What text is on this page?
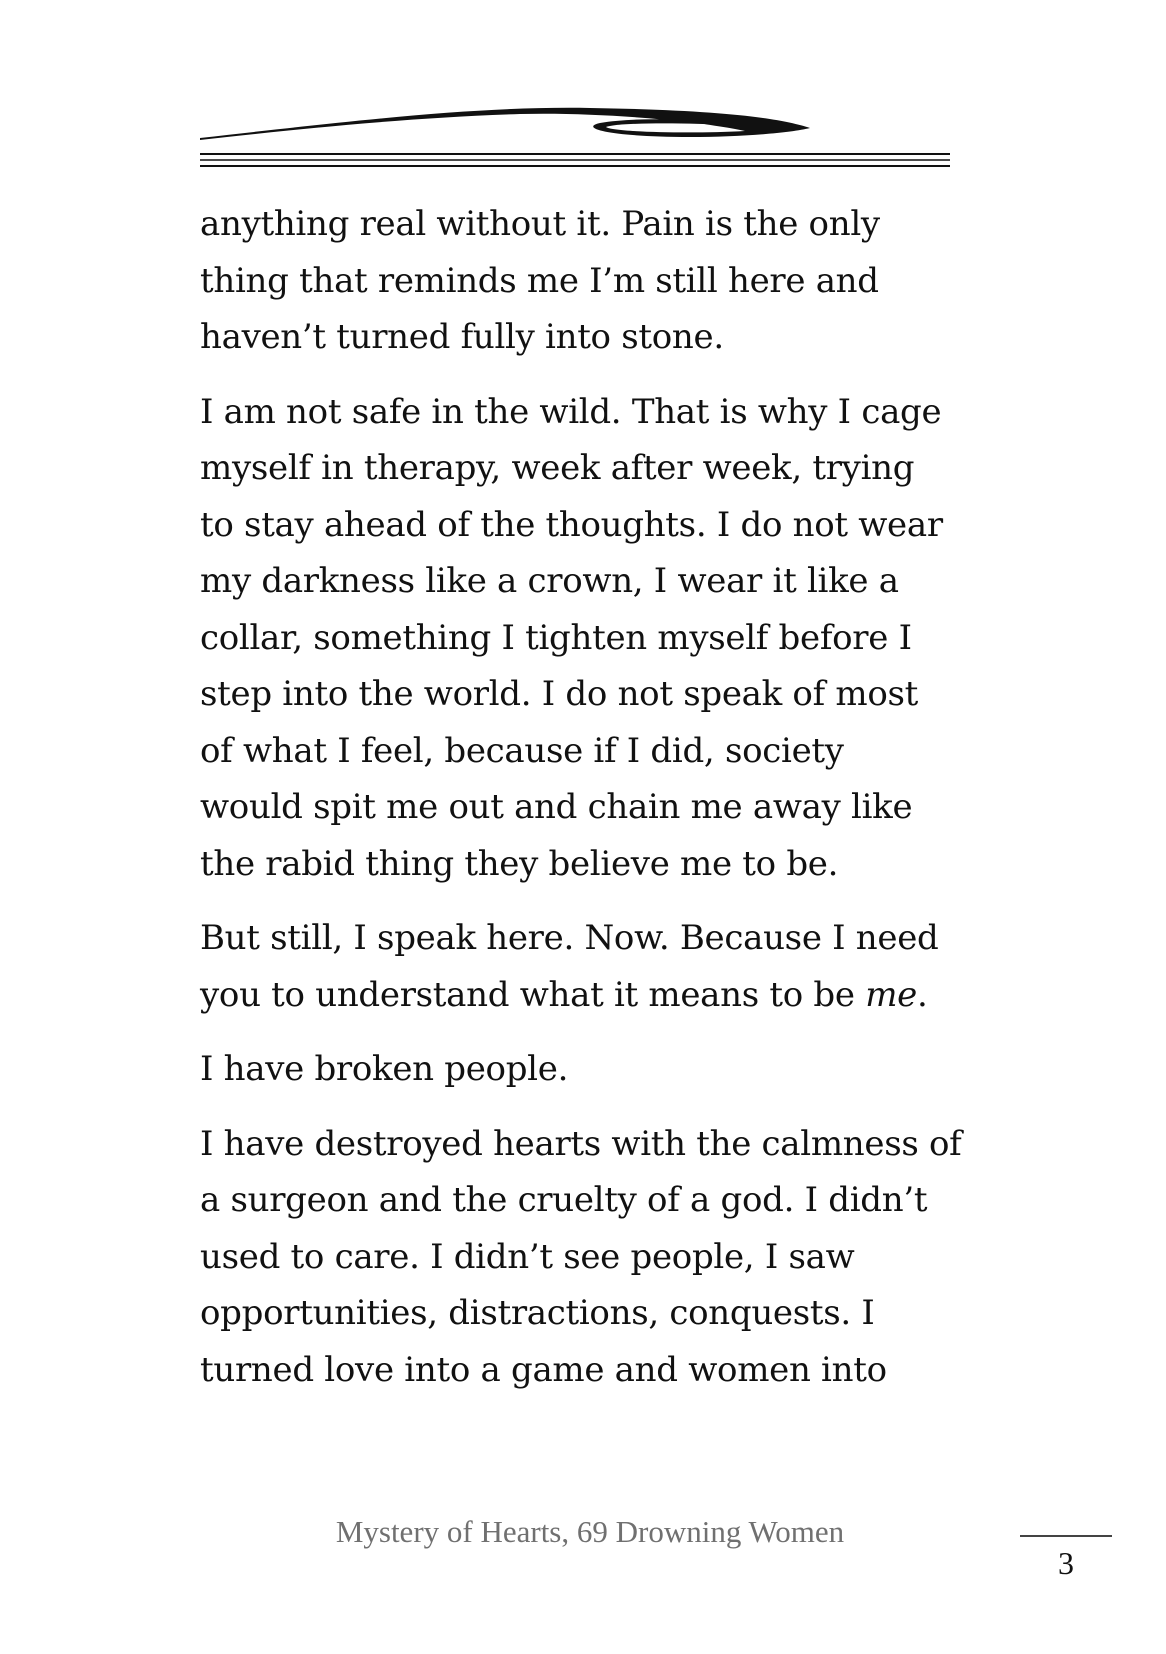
anything real without it. Pain is the only
thing that reminds me I’m still here and
haven’t turned fully into stone.

I am not safe in the wild. That is why I cage
myself in therapy, week after week, trying
to stay ahead of the thoughts. I do not wear
my darkness like a crown, I wear it like a
collar, something I tighten myself before I
step into the world. I do not speak of most
of what I feel, because if I did, society
would spit me out and chain me away like
the rabid thing they believe me to be.

But still, I speak here. Now. Because I need
you to understand what it means to be me.

I have broken people.

I have destroyed hearts with the calmness of
a surgeon and the cruelty of a god. I didn’t
used to care. I didn’t see people, I saw
opportunities, distractions, conquests. I
turned love into a game and women into

Mystery of Hearts, 69 Drowning Women
3
